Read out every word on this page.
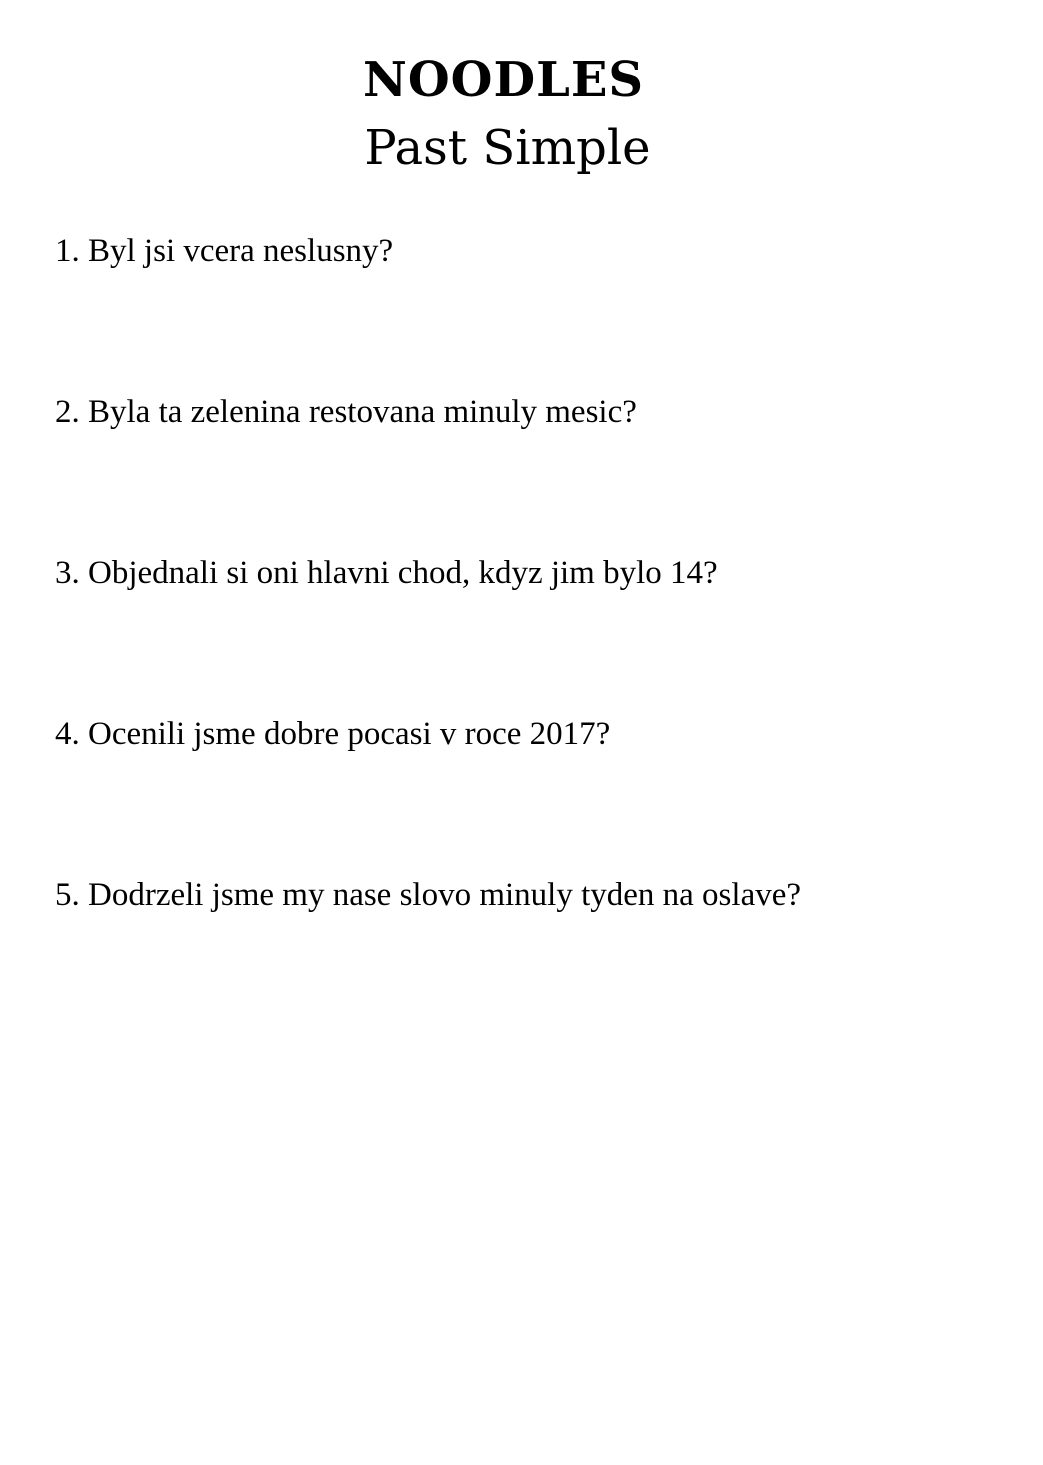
NOODLES
Past Simple
1. Byl jsi vcera neslusny?
2. Byla ta zelenina restovana minuly mesic?
3. Objednali si oni hlavni chod, kdyz jim bylo 14?
4. Ocenili jsme dobre pocasi v roce 2017?
5. Dodrzeli jsme my nase slovo minuly tyden na oslave?
